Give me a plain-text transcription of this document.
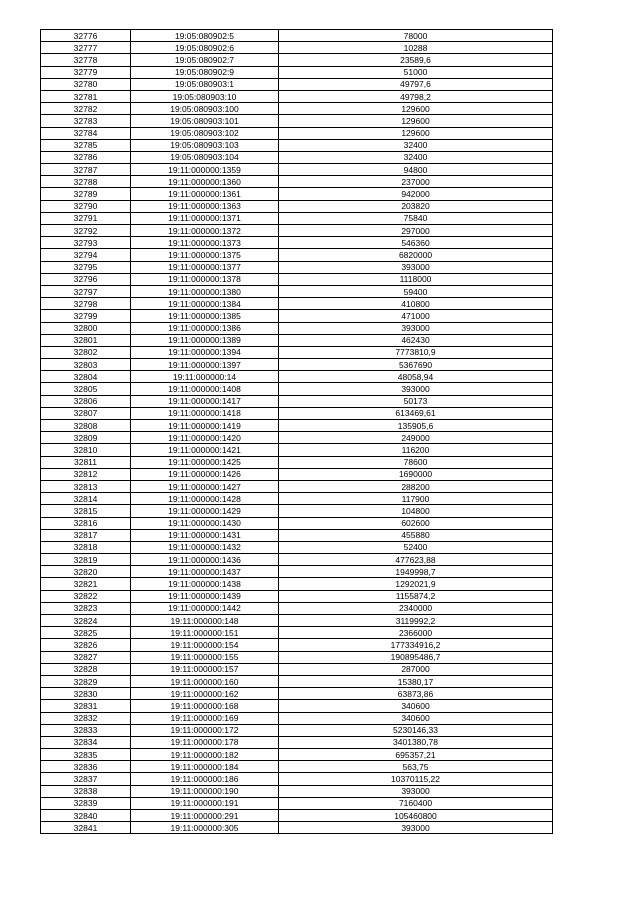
32776	19:05:080902:5	78000
32777	19:05:080902:6	10288
32778	19:05:080902:7	23589,6
32779	19:05:080902:9	51000
32780	19:05:080903:1	49797,6
32781	19:05:080903:10	49798,2
32782	19:05:080903:100	129600
32783	19:05:080903:101	129600
32784	19:05:080903:102	129600
32785	19:05:080903:103	32400
32786	19:05:080903:104	32400
32787	19:11:000000:1359	94800
32788	19:11:000000:1360	237000
32789	19:11:000000:1361	942000
32790	19:11:000000:1363	203820
32791	19:11:000000:1371	75840
32792	19:11:000000:1372	297000
32793	19:11:000000:1373	546360
32794	19:11:000000:1375	6820000
32795	19:11:000000:1377	393000
32796	19:11:000000:1378	1118000
32797	19:11:000000:1380	59400
32798	19:11:000000:1384	410800
32799	19:11:000000:1385	471000
32800	19:11:000000:1386	393000
32801	19:11:000000:1389	462430
32802	19:11:000000:1394	7773810,9
32803	19:11:000000:1397	5367690
32804	19:11:000000:14	48058,94
32805	19:11:000000:1408	393000
32806	19:11:000000:1417	50173
32807	19:11:000000:1418	613469,61
32808	19:11:000000:1419	135905,6
32809	19:11:000000:1420	249000
32810	19:11:000000:1421	116200
32811	19:11:000000:1425	78600
32812	19:11:000000:1426	1690000
32813	19:11:000000:1427	288200
32814	19:11:000000:1428	117900
32815	19:11:000000:1429	104800
32816	19:11:000000:1430	602600
32817	19:11:000000:1431	455880
32818	19:11:000000:1432	52400
32819	19:11:000000:1436	477623,88
32820	19:11:000000:1437	1949998,7
32821	19:11:000000:1438	1292021,9
32822	19:11:000000:1439	1155874,2
32823	19:11:000000:1442	2340000
32824	19:11:000000:148	3119992,2
32825	19:11:000000:151	2366000
32826	19:11:000000:154	177334916,2
32827	19:11:000000:155	190895486,7
32828	19:11:000000:157	287000
32829	19:11:000000:160	15380,17
32830	19:11:000000:162	63873,86
32831	19:11:000000:168	340600
32832	19:11:000000:169	340600
32833	19:11:000000:172	5230146,33
32834	19:11:000000:178	3401380,78
32835	19:11:000000:182	695357,21
32836	19:11:000000:184	563,75
32837	19:11:000000:186	10370115,22
32838	19:11:000000:190	393000
32839	19:11:000000:191	7160400
32840	19:11:000000:291	105460800
32841	19:11:000000:305	393000
